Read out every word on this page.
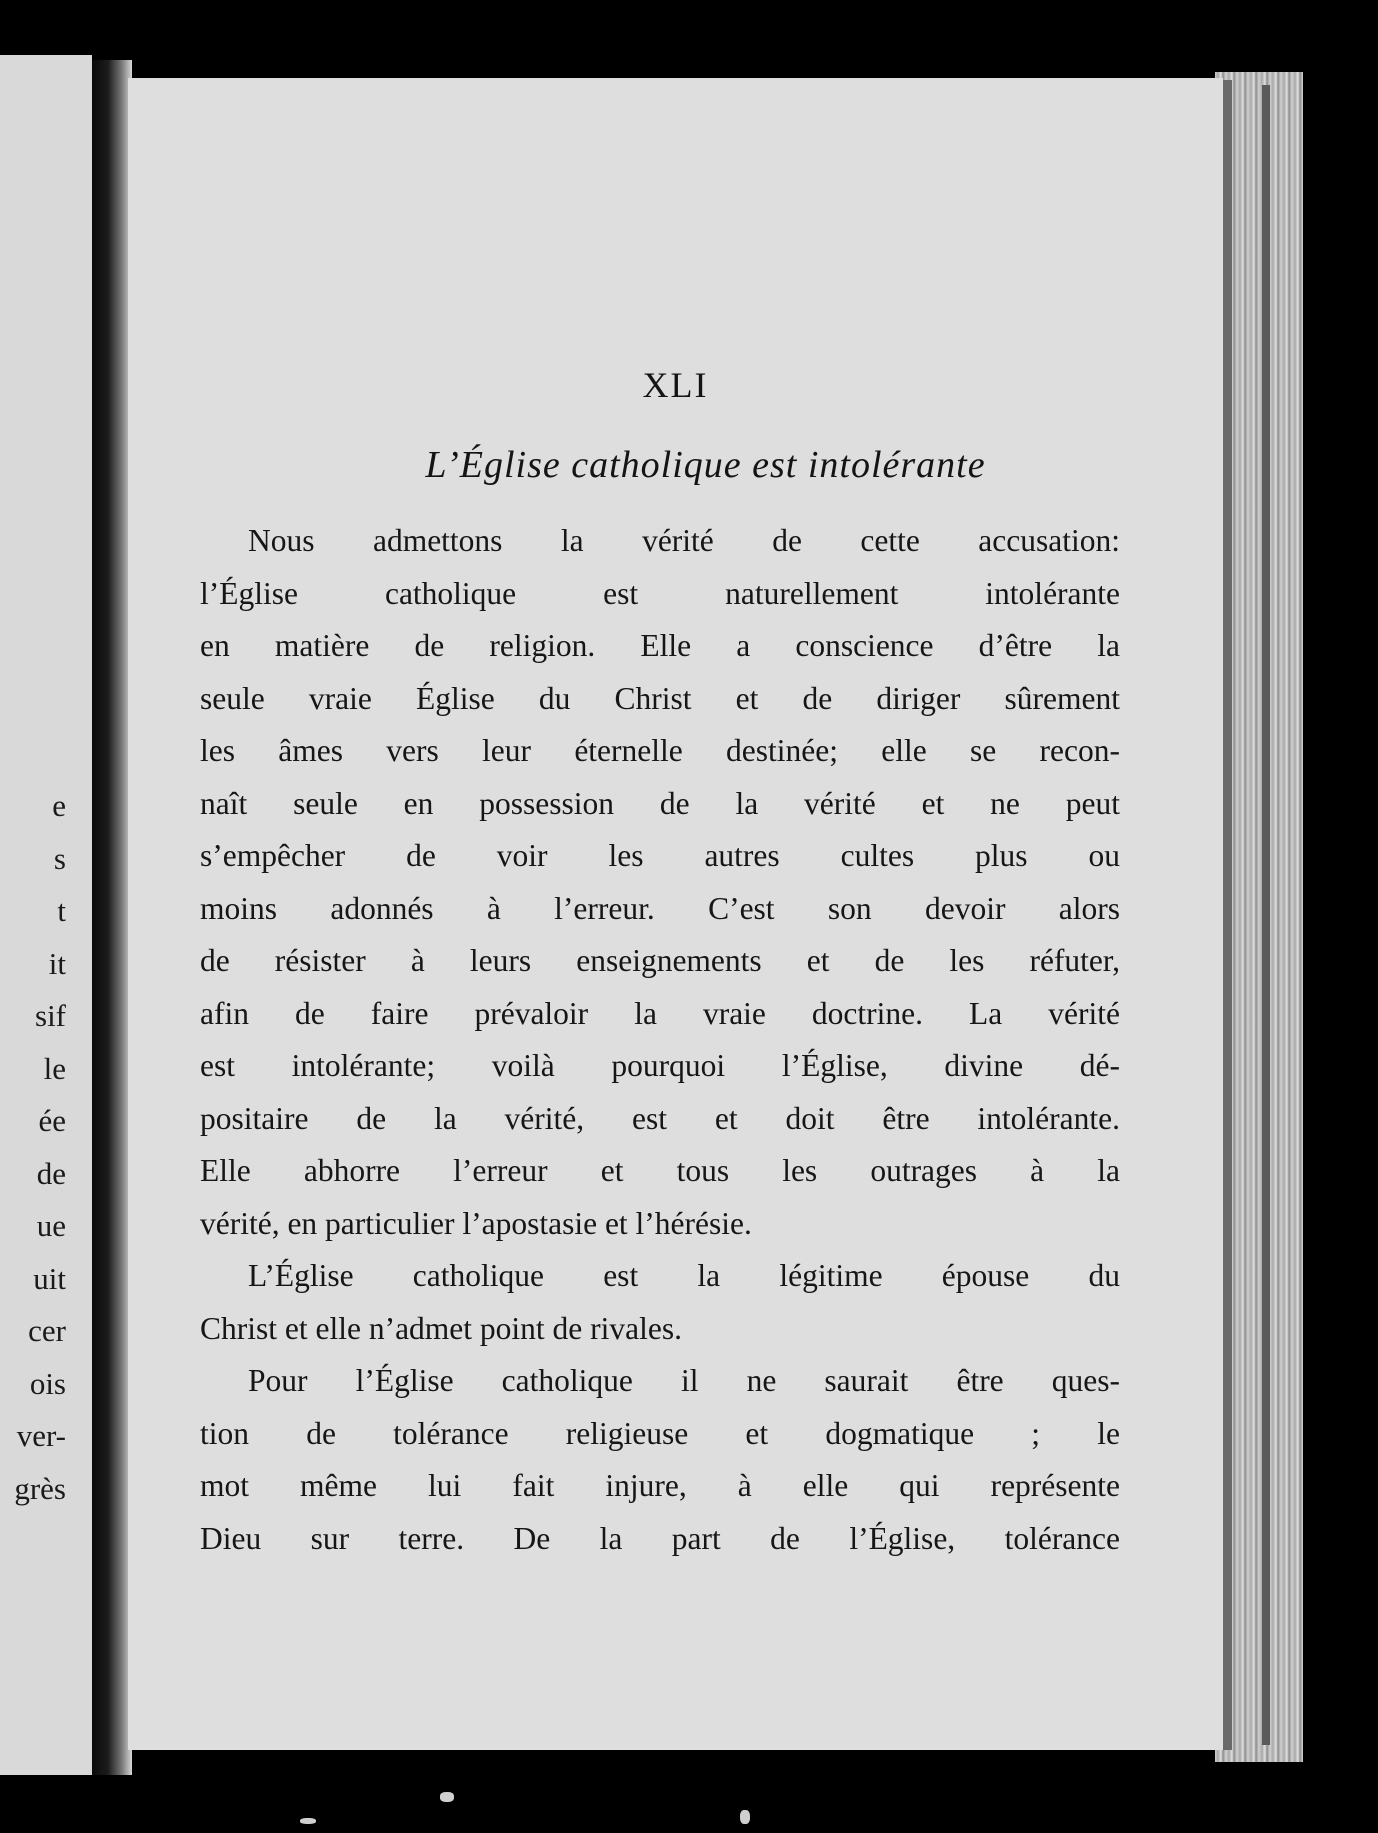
e
s
t
it
sif
le
ée
de
ue
uit
cer
ois
ver-
grès
XLI
L’Église catholique est intolérante
Nous admettons la vérité de cette accusation:
l’Église catholique est naturellement intolérante
en matière de religion. Elle a conscience d’être la
seule vraie Église du Christ et de diriger sûrement
les âmes vers leur éternelle destinée; elle se recon-
naît seule en possession de la vérité et ne peut
s’empêcher de voir les autres cultes plus ou
moins adonnés à l’erreur. C’est son devoir alors
de résister à leurs enseignements et de les réfuter,
afin de faire prévaloir la vraie doctrine. La vérité
est intolérante; voilà pourquoi l’Église, divine dé-
positaire de la vérité, est et doit être intolérante.
Elle abhorre l’erreur et tous les outrages à la
vérité, en particulier l’apostasie et l’hérésie.
L’Église catholique est la légitime épouse du
Christ et elle n’admet point de rivales.
Pour l’Église catholique il ne saurait être ques-
tion de tolérance religieuse et dogmatique ; le
mot même lui fait injure, à elle qui représente
Dieu sur terre. De la part de l’Église, tolérance
